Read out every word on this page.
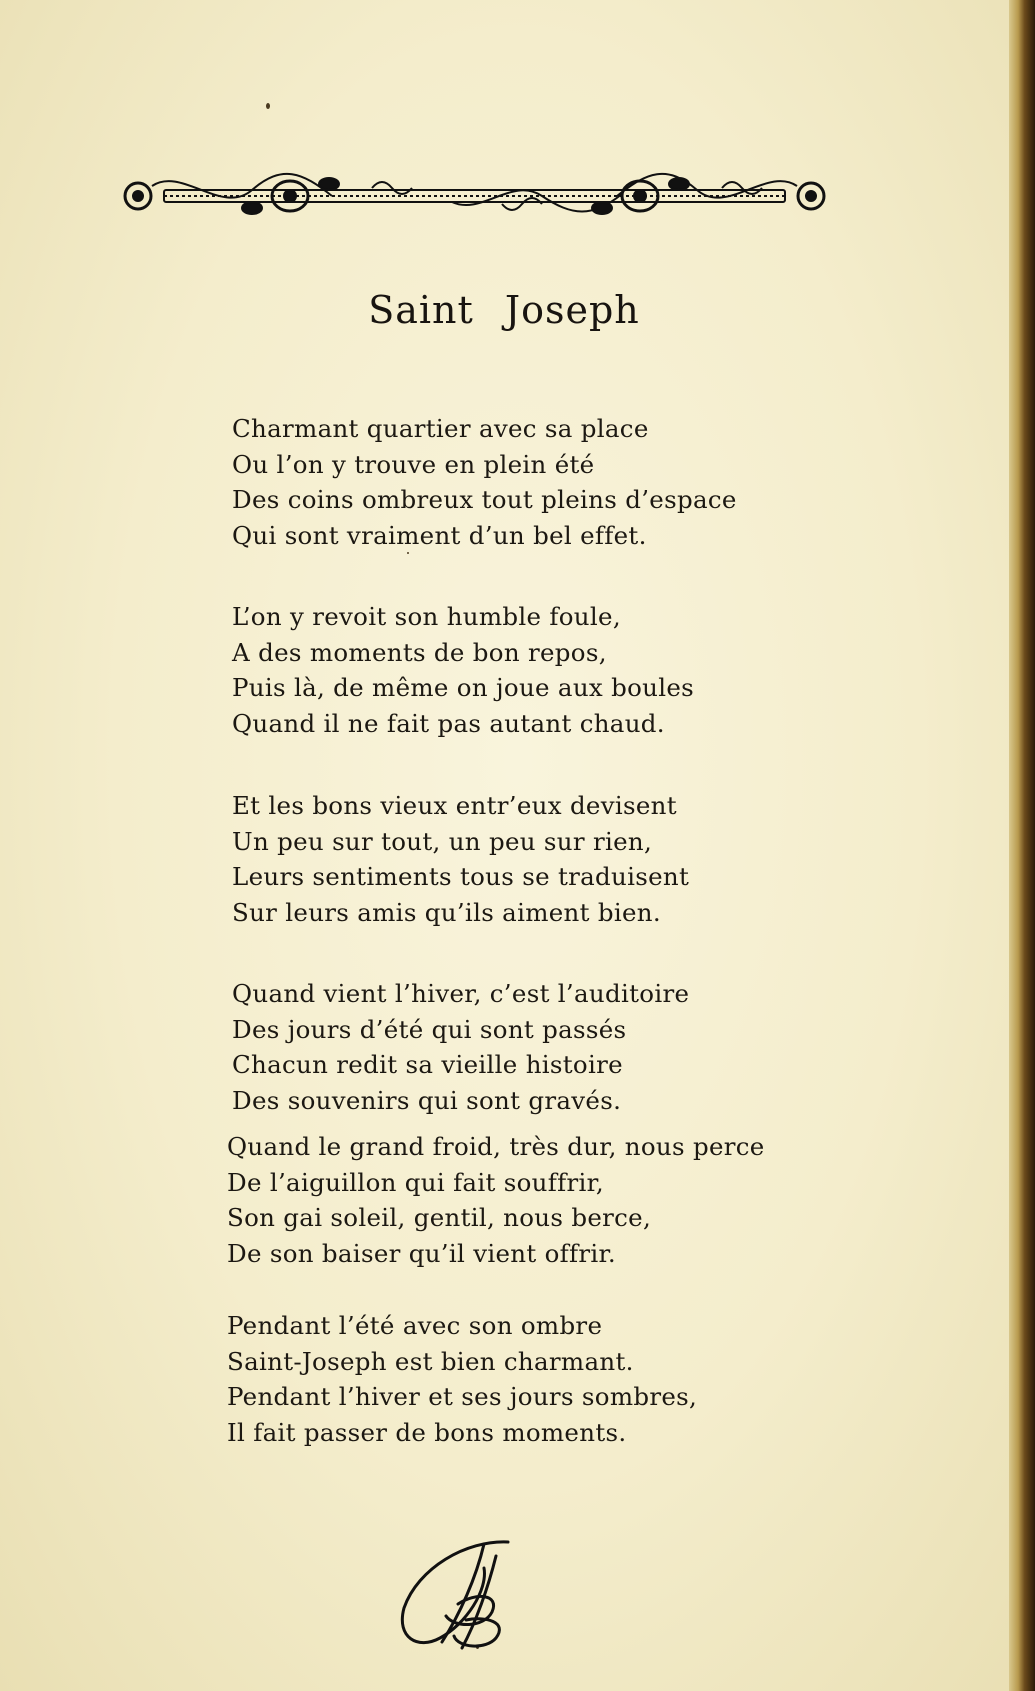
Saint Joseph

Charmant quartier avec sa place
Ou l’on y trouve en plein été
Des coins ombreux tout pleins d’espace
Qui sont vraiment d’un bel effet.

L’on y revoit son humble foule,
A des moments de bon repos,
Puis là, de même on joue aux boules
Quand il ne fait pas autant chaud.

Et les bons vieux entr’eux devisent
Un peu sur tout, un peu sur rien,
Leurs sentiments tous se traduisent
Sur leurs amis qu’ils aiment bien.

Quand vient l’hiver, c’est l’auditoire
Des jours d’été qui sont passés
Chacun redit sa vieille histoire
Des souvenirs qui sont gravés.

Quand le grand froid, très dur, nous perce
De l’aiguillon qui fait souffrir,
Son gai soleil, gentil, nous berce,
De son baiser qu’il vient offrir.

Pendant l’été avec son ombre
Saint-Joseph est bien charmant.
Pendant l’hiver et ses jours sombres,
Il fait passer de bons moments.
